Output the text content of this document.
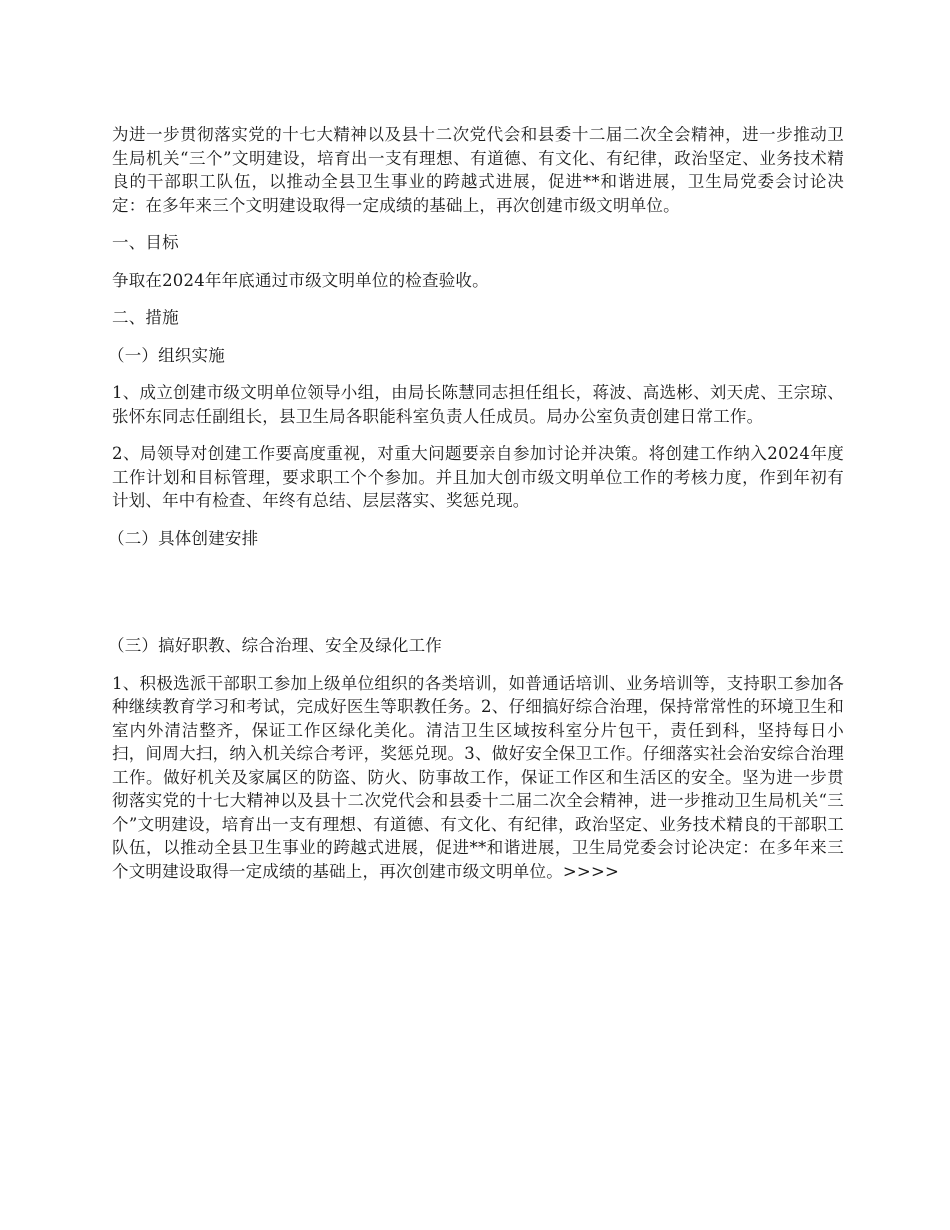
为进一步贯彻落实党的十七大精神以及县十二次党代会和县委十二届二次全会精神，进一步推动卫生局机关“三个”文明建设，培育出一支有理想、有道德、有文化、有纪律，政治坚定、业务技术精良的干部职工队伍，以推动全县卫生事业的跨越式进展，促进**和谐进展，卫生局党委会讨论决定：在多年来三个文明建设取得一定成绩的基础上，再次创建市级文明单位。

一、目标

争取在2024年年底通过市级文明单位的检查验收。

二、措施

（一）组织实施

1、成立创建市级文明单位领导小组，由局长陈慧同志担任组长，蒋波、高选彬、刘天虎、王宗琼、张怀东同志任副组长，县卫生局各职能科室负责人任成员。局办公室负责创建日常工作。

2、局领导对创建工作要高度重视，对重大问题要亲自参加讨论并决策。将创建工作纳入2024年度工作计划和目标管理，要求职工个个参加。并且加大创市级文明单位工作的考核力度，作到年初有计划、年中有检查、年终有总结、层层落实、奖惩兑现。

（二）具体创建安排

（三）搞好职教、综合治理、安全及绿化工作

1、积极选派干部职工参加上级单位组织的各类培训，如普通话培训、业务培训等，支持职工参加各种继续教育学习和考试，完成好医生等职教任务。2、仔细搞好综合治理，保持常常性的环境卫生和室内外清洁整齐，保证工作区绿化美化。清洁卫生区域按科室分片包干，责任到科，坚持每日小扫，间周大扫，纳入机关综合考评，奖惩兑现。3、做好安全保卫工作。仔细落实社会治安综合治理工作。做好机关及家属区的防盗、防火、防事故工作，保证工作区和生活区的安全。坚为进一步贯彻落实党的十七大精神以及县十二次党代会和县委十二届二次全会精神，进一步推动卫生局机关“三个”文明建设，培育出一支有理想、有道德、有文化、有纪律，政治坚定、业务技术精良的干部职工队伍，以推动全县卫生事业的跨越式进展，促进**和谐进展，卫生局党委会讨论决定：在多年来三个文明建设取得一定成绩的基础上，再次创建市级文明单位。>>>>
